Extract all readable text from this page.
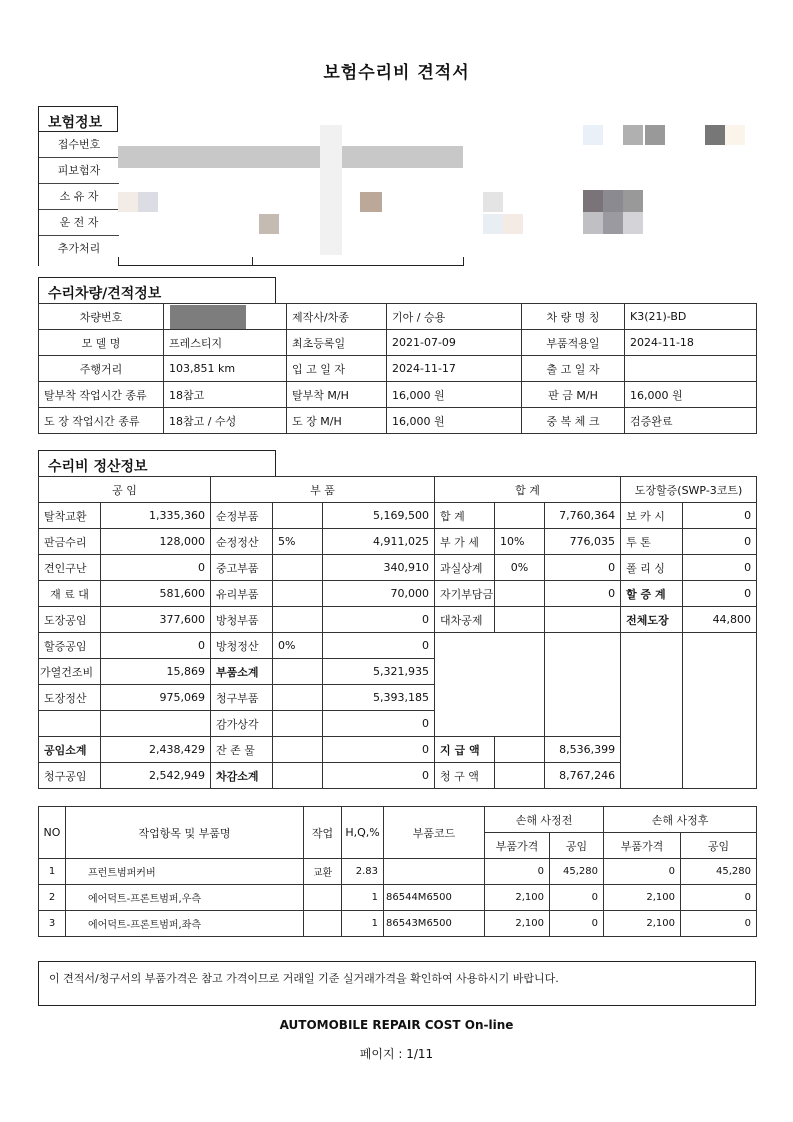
보험수리비 견적서
보험정보
접수번호
피보험자
소 유 자
운 전 자
추가처리
수리차량/견적정보
차량번호		제작사/차종	기아 / 승용	차 량 명 칭	K3(21)-BD
모 델 명	프레스티지	최초등록일	2021-07-09	부품적용일	2024-11-18
주행거리	103,851 km	입 고 일 자	2024-11-17	출 고 일 자	
탈부착 작업시간 종류	18참고	탈부착 M/H	16,000 원	판 금 M/H	16,000 원
도 장 작업시간 종류	18참고 / 수성	도 장 M/H	16,000 원	중 복 체 크	검증완료
수리비 정산정보
공 임		부 품			합 계			도장할증(SWP-3코트)	
탈착교환	1,335,360	순정부품		5,169,500	합 계		7,760,364	보 카 시	0
판금수리	128,000	순정정산	5%	4,911,025	부 가 세	10%	776,035	투 톤	0
견인구난	0	중고부품		340,910	과실상계	0%	0	폴 리 싱	0
재 료 대	581,600	유리부품		70,000	자기부담금		0	할 증 계	0
도장공임	377,600	방청부품		0	대차공제			전체도장	44,800
할증공임	0	방청정산	0%	0					
가열건조비	15,869	부품소계		5,321,935					
도장정산	975,069	청구부품		5,393,185					
		감가상각		0					
공임소계	2,438,429	잔 존 물		0	지 급 액		8,536,399		
청구공임	2,542,949	차감소계		0	청 구 액		8,767,246		
NO	작업항목 및 부품명	작업	H,Q,%	부품코드	손해 사정전		손해 사정후	
					부품가격	공임	부품가격	공임
1	프런트범퍼커버	교환	2.83		0	45,280	0	45,280
2	에어덕트-프론트범퍼,우측		1	86544M6500	2,100	0	2,100	0
3	에어덕트-프론트범퍼,좌측		1	86543M6500	2,100	0	2,100	0
이 견적서/청구서의 부품가격은 참고 가격이므로 거래일 기준 실거래가격을 확인하여 사용하시기 바랍니다.
AUTOMOBILE REPAIR COST On-line
페이지 : 1/11
